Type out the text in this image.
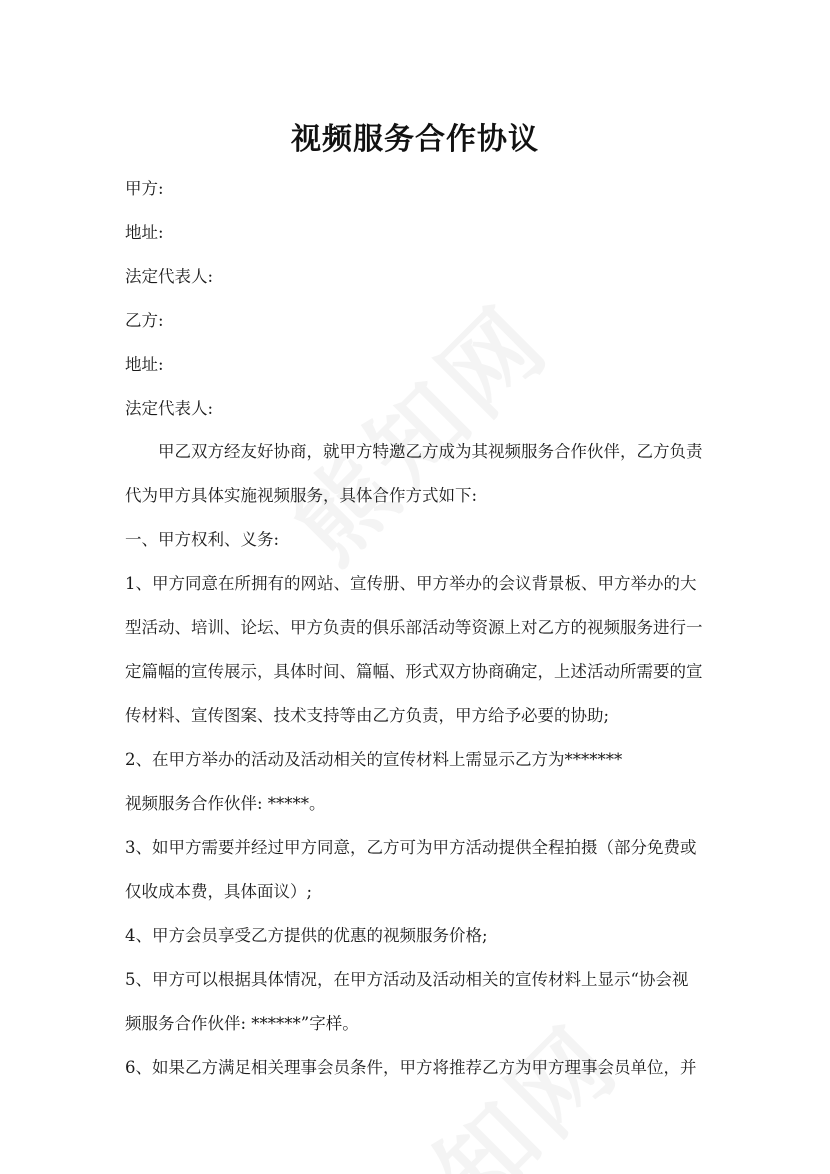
视频服务合作协议

甲方:

地址:

法定代表人:

乙方:

地址:

法定代表人:

甲乙双方经友好协商，就甲方特邀乙方成为其视频服务合作伙伴，乙方负责

代为甲方具体实施视频服务，具体合作方式如下:

一、甲方权利、义务:

1、甲方同意在所拥有的网站、宣传册、甲方举办的会议背景板、甲方举办的大

型活动、培训、论坛、甲方负责的俱乐部活动等资源上对乙方的视频服务进行一

定篇幅的宣传展示，具体时间、篇幅、形式双方协商确定，上述活动所需要的宣

传材料、宣传图案、技术支持等由乙方负责，甲方给予必要的协助;

2、在甲方举办的活动及活动相关的宣传材料上需显示乙方为*******

视频服务合作伙伴: *****。

3、如甲方需要并经过甲方同意，乙方可为甲方活动提供全程拍摄（部分免费或

仅收成本费，具体面议）;

4、甲方会员享受乙方提供的优惠的视频服务价格;

5、甲方可以根据具体情况，在甲方活动及活动相关的宣传材料上显示“协会视

频服务合作伙伴: ******”字样。

6、如果乙方满足相关理事会员条件，甲方将推荐乙方为甲方理事会员单位，并
